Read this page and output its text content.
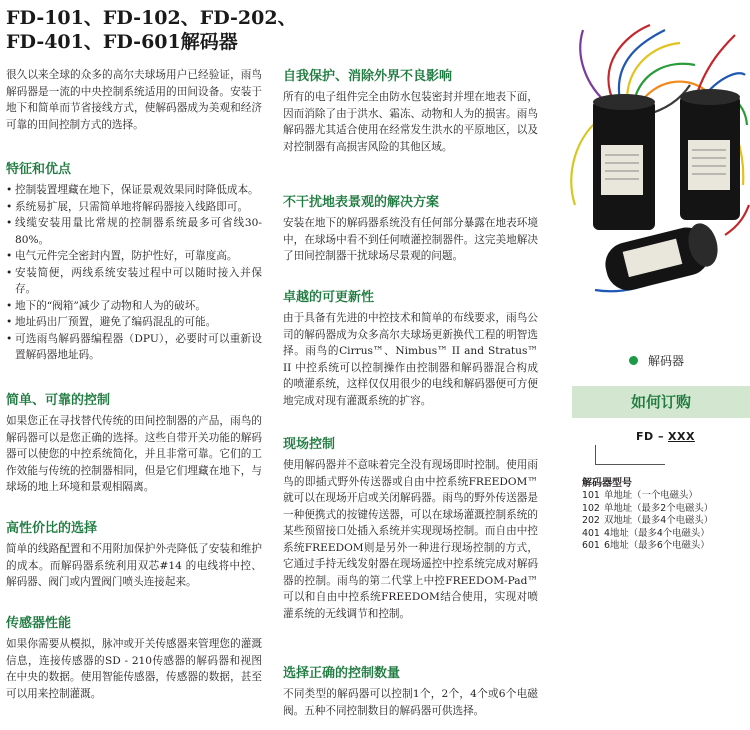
FD-101、FD-102、FD-202、
FD-401、FD-601解码器

很久以来全球的众多的高尔夫球场用户已经验证，雨鸟解码器是一流的中央控制系统适用的田间设备。安装于地下和简单而节省接线方式，使解码器成为美观和经济可靠的田间控制方式的选择。

特征和优点
• 控制装置埋藏在地下，保证景观效果同时降低成本。
• 系统易扩展，只需简单地将解码器接入线路即可。
• 线缆安装用量比常规的控制器系统最多可省线30-80%。
• 电气元件完全密封内置，防护性好，可靠度高。
• 安装简便，两线系统安装过程中可以随时接入并保存。
• 地下的“阀箱”减少了动物和人为的破坏。
• 地址码出厂预置，避免了编码混乱的可能。
• 可选雨鸟解码器编程器（DPU），必要时可以重新设置解码器地址码。
简单、可靠的控制

如果您正在寻找替代传统的田间控制器的产品，雨鸟的解码器可以是您正确的选择。这些自带开关功能的解码器可以使您的中控系统简化，并且非常可靠。它们的工作效能与传统的控制器相同，但是它们埋藏在地下，与球场的地上环境和景观相隔离。

高性价比的选择

简单的线路配置和不用附加保护外壳降低了安装和维护的成本。而解码器系统利用双芯#14 的电线将中控、解码器、阀门或内置阀门喷头连接起来。

传感器性能

如果你需要从模拟，脉冲或开关传感器来管理您的灌溉信息，连接传感器的SD - 210传感器的解码器和视图在中央的数据。使用智能传感器，传感器的数据，甚至可以用来控制灌溉。

自我保护、消除外界不良影响

所有的电子组件完全由防水包装密封并埋在地表下面，因而消除了由于洪水、霜冻、动物和人为的损害。雨鸟解码器尤其适合使用在经常发生洪水的平原地区，以及对控制器有高损害风险的其他区域。

不干扰地表景观的解决方案

安装在地下的解码器系统没有任何部分暴露在地表环境中，在球场中看不到任何喷灌控制器件。这完美地解决了田间控制器干扰球场尽景观的问题。

卓越的可更新性

由于具备有先进的中控技术和简单的布线要求，雨鸟公司的解码器成为众多高尔夫球场更新换代工程的明智选择。雨鸟的Cirrus™、Nimbus™ II and Stratus™ II 中控系统可以控制操作由控制器和解码器混合构成的喷灌系统，这样仅仅用很少的电线和解码器便可方便地完成对现有灌溉系统的扩容。

现场控制

使用解码器并不意味着完全没有现场即时控制。使用雨鸟的即插式野外传送器或自由中控系统FREEDOM™就可以在现场开启或关闭解码器。雨鸟的野外传送器是一种便携式的按键传送器，可以在球场灌溉控制系统的某些预留接口处插入系统并实现现场控制。而自由中控系统FREEDOM则是另外一种进行现场控制的方式，它通过手持无线发射器在现场遥控中控系统完成对解码器的控制。雨鸟的第二代掌上中控FREEDOM-Pad™可以和自由中控系统FREEDOM结合使用，实现对喷灌系统的无线调节和控制。

选择正确的控制数量

不同类型的解码器可以控制1个，2个，4个或6个电磁阀。五种不同控制数目的解码器可供选择。

解码器
如何订购
FD – XXX
解码器型号
101 单地址（一个电磁头）
102 单地址（最多2个电磁头）
202 双地址（最多4个电磁头）
401 4地址（最多4个电磁头）
601 6地址（最多6个电磁头）
